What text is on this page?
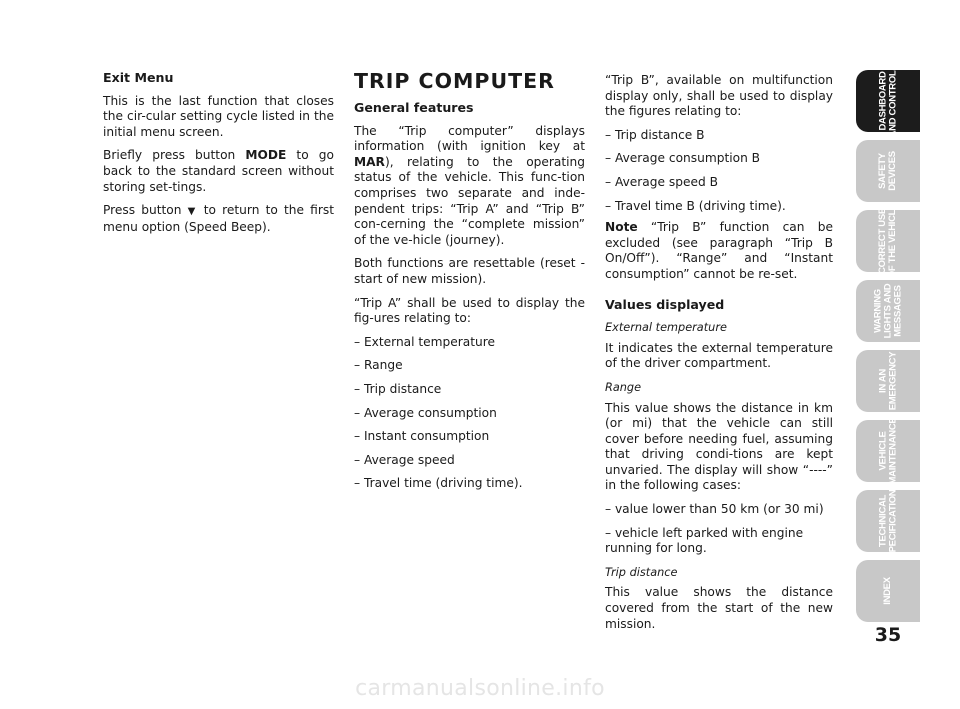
Exit Menu

This is the last function that closes the cir-cular setting cycle listed in the initial menu screen.

Briefly press button MODE to go back to the standard screen without storing set-tings.

Press button ▼ to return to the first menu option (Speed Beep).

TRIP COMPUTER

General features

The “Trip computer” displays information (with ignition key at MAR), relating to the operating status of the vehicle. This func-tion comprises two separate and inde-pendent trips: “Trip A” and “Trip B” con-cerning the “complete mission” of the ve-hicle (journey).

Both functions are resettable (reset - start of new mission).

“Trip A” shall be used to display the fig-ures relating to:

– External temperature

– Range

– Trip distance

– Average consumption

– Instant consumption

– Average speed

– Travel time (driving time).

“Trip B”, available on multifunction display only, shall be used to display the figures relating to:

– Trip distance B

– Average consumption B

– Average speed B

– Travel time B (driving time).

Note “Trip B” function can be excluded (see paragraph “Trip B On/Off”). “Range” and “Instant consumption” cannot be re-set.

Values displayed

External temperature

It indicates the external temperature of the driver compartment.

Range

This value shows the distance in km (or mi) that the vehicle can still cover before needing fuel, assuming that driving condi-tions are kept unvaried. The display will show “----” in the following cases:

– value lower than 50 km (or 30 mi)

– vehicle left parked with engine running for long.

Trip distance

This value shows the distance covered from the start of the new mission.

DASHBOARD
AND CONTROLS
SAFETY
DEVICES
CORRECT USE
OF THE VEHICLE
WARNING
LIGHTS AND
MESSAGES
IN AN
EMERGENCY
VEHICLE
MAINTENANCE
TECHNICAL
SPECIFICATIONS
INDEX
35
carmanualsonline.info
